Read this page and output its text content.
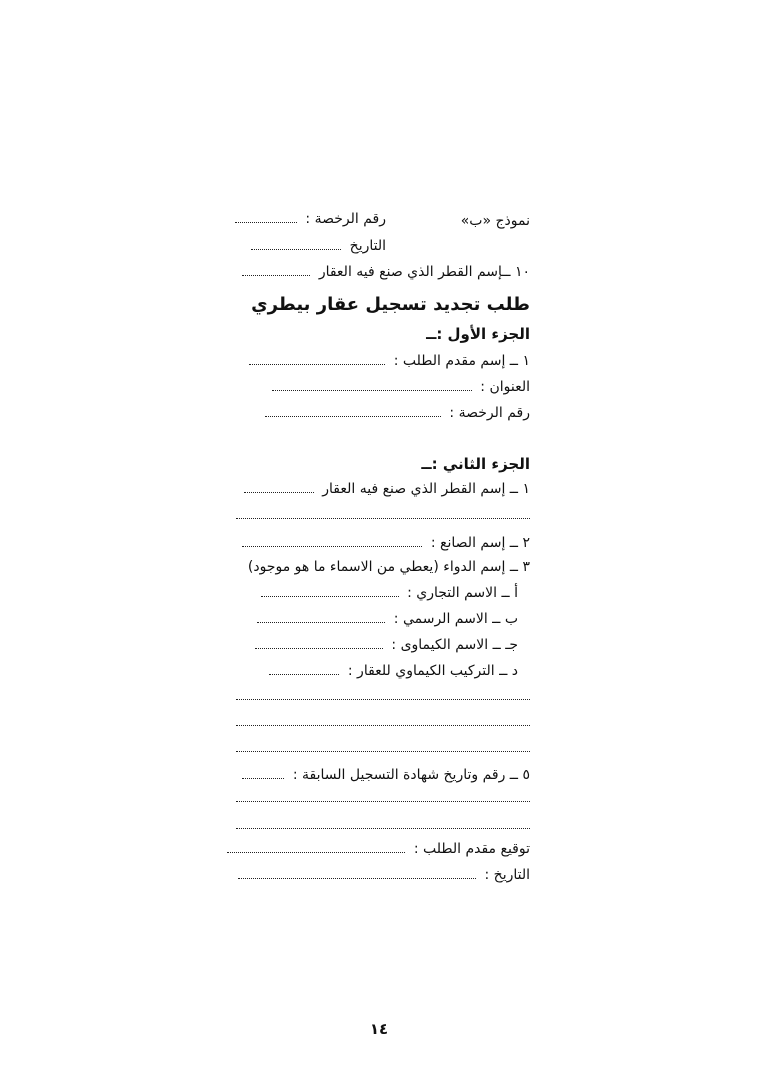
نموذج «ب»
رقم الرخصة :
التاريخ
١٠ ــإسم القطر الذي صنع فيه العقار
طلب تجديد تسجيل عقار بيطري
الجزء الأول :ــ
١ ــ إسم مقدم الطلب :
العنوان :
رقم الرخصة :
الجزء الثاني :ــ
١ ــ إسم القطر الذي صنع فيه العقار
٢ ــ إسم الصانع :
٣ ــ إسم الدواء (يعطي من الاسماء ما هو موجود)
أ ــ الاسم التجاري :
ب ــ الاسم الرسمي :
جـ ــ الاسم الكيماوى :
د ــ التركيب الكيماوي للعقار :
٥ ــ رقم وتاريخ شهادة التسجيل السابقة :
توقيع مقدم الطلب :
التاريخ :
١٤
